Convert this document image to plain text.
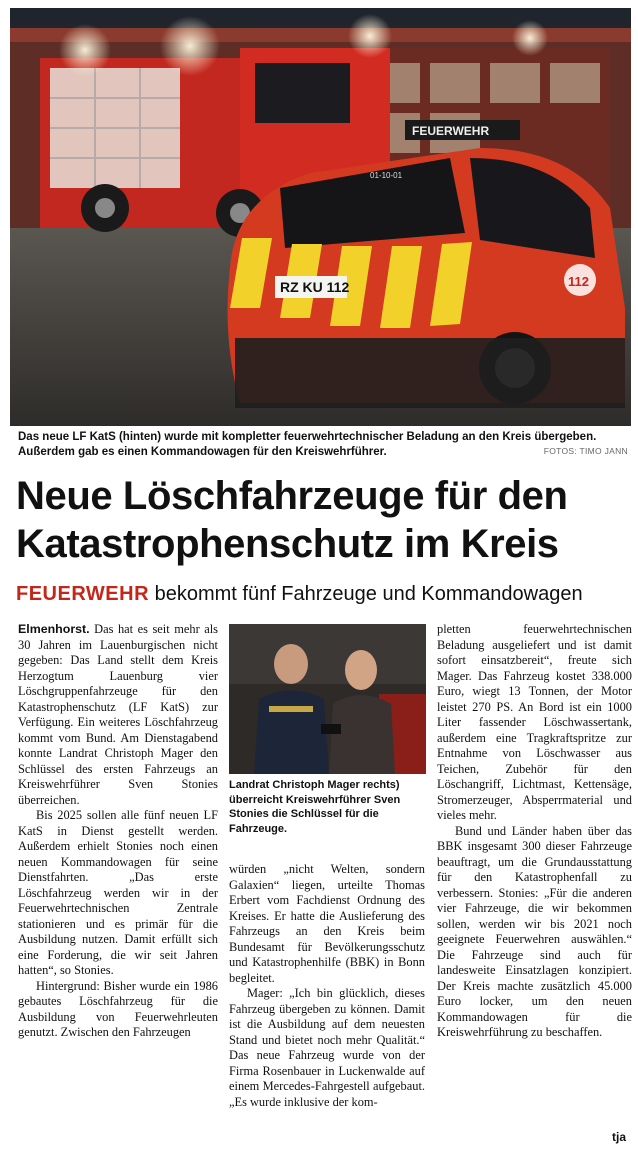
RZ KU 112
FEUERWEHR
01-10-01
112
Das neue LF KatS (hinten) wurde mit kompletter feuerwehrtechnischer Beladung an den Kreis übergeben. Außerdem gab es einen Kommandowagen für den Kreiswehrführer.	FOTOS: TIMO JANN
Neue Löschfahrzeuge für den Katastrophenschutz im Kreis
FEUERWEHR bekommt fünf Fahrzeuge und Kommandowagen

Elmenhorst. Das hat es seit mehr als 30 Jahren im Lauenburgischen nicht gegeben: Das Land stellt dem Kreis Herzogtum Lauenburg vier Löschgruppenfahrzeuge für den Katastrophenschutz (LF KatS) zur Verfügung. Ein weiteres Löschfahrzeug kommt vom Bund. Am Dienstagabend konnte Landrat Christoph Mager den Schlüssel des ersten Fahrzeugs an Kreiswehrführer Sven Stonies überreichen.

Bis 2025 sollen alle fünf neuen LF KatS in Dienst gestellt werden. Außerdem erhielt Stonies noch einen neuen Kommandowagen für seine Dienstfahrten. „Das erste Löschfahrzeug werden wir in der Feuerwehrtechnischen Zentrale stationieren und es primär für die Ausbildung nutzen. Damit erfüllt sich eine Forderung, die wir seit Jahren hatten“, so Stonies.

Hintergrund: Bisher wurde ein 1986 gebautes Löschfahrzeug für die Ausbildung von Feuerwehrleuten genutzt. Zwischen den Fahrzeugen

Landrat Christoph Mager rechts) überreicht Kreiswehrführer Sven Stonies die Schlüssel für die Fahrzeuge.

würden „nicht Welten, sondern Galaxien“ liegen, urteilte Thomas Erbert vom Fachdienst Ordnung des Kreises. Er hatte die Auslieferung des Fahrzeugs an den Kreis beim Bundesamt für Bevölkerungsschutz und Katastrophenhilfe (BBK) in Bonn begleitet.

Mager: „Ich bin glücklich, dieses Fahrzeug übergeben zu können. Damit ist die Ausbildung auf dem neuesten Stand und bietet noch mehr Qualität.“ Das neue Fahrzeug wurde von der Firma Rosenbauer in Luckenwalde auf einem Mercedes-Fahrgestell aufgebaut. „Es wurde inklusive der kom-

pletten feuerwehrtechnischen Beladung ausgeliefert und ist damit sofort einsatzbereit“, freute sich Mager. Das Fahrzeug kostet 338.000 Euro, wiegt 13 Tonnen, der Motor leistet 270 PS. An Bord ist ein 1000 Liter fassender Löschwassertank, außerdem eine Tragkraftspritze zur Entnahme von Löschwasser aus Teichen, Zubehör für den Löschangriff, Lichtmast, Kettensäge, Stromerzeuger, Absperrmaterial und vieles mehr.

Bund und Länder haben über das BBK insgesamt 300 dieser Fahrzeuge beauftragt, um die Grundausstattung für den Katastrophenfall zu verbessern. Stonies: „Für die anderen vier Fahrzeuge, die wir bekommen sollen, werden wir bis 2021 noch geeignete Feuerwehren auswählen.“ Die Fahrzeuge sind auch für landesweite Einsatzlagen konzipiert. Der Kreis machte zusätzlich 45.000 Euro locker, um den neuen Kommandowagen für die Kreiswehrführung zu beschaffen.

tja
